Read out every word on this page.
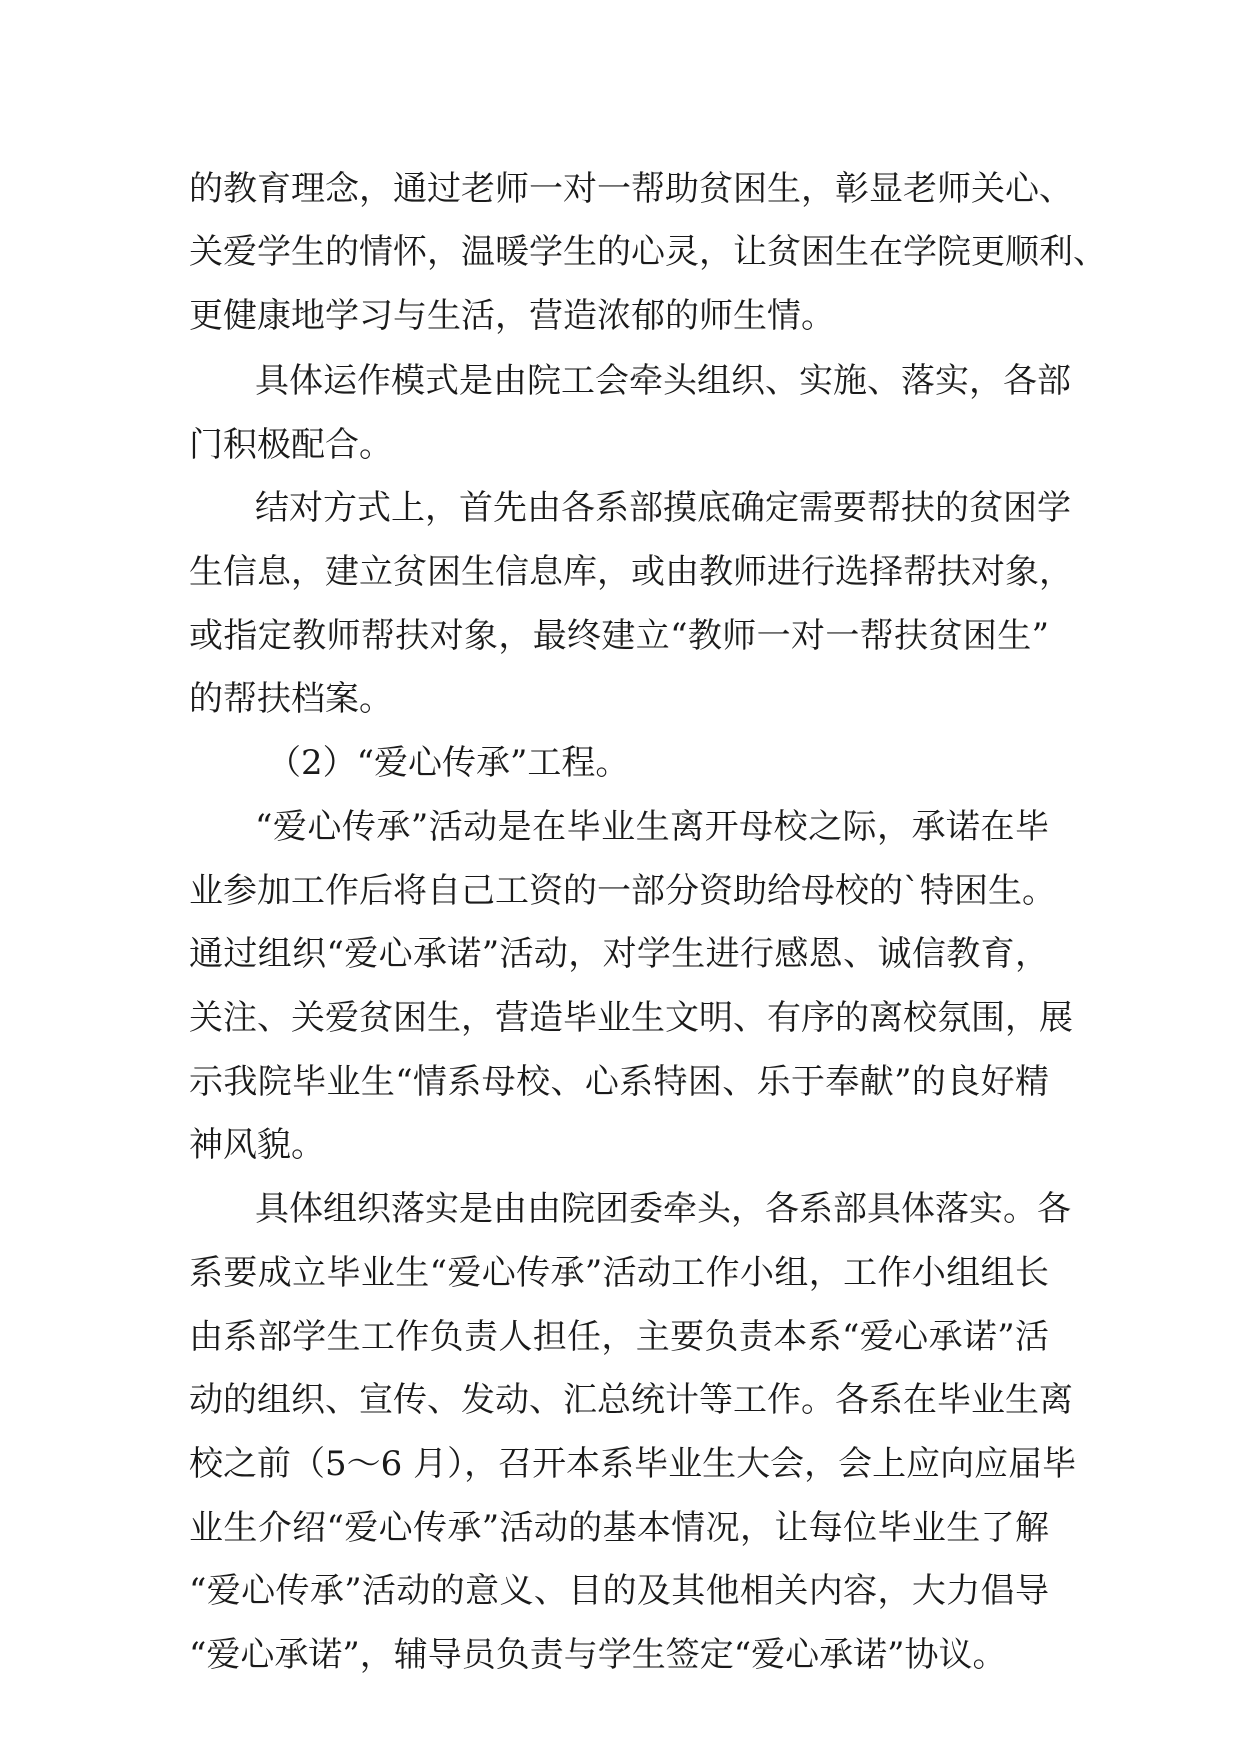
的教育理念，通过老师一对一帮助贫困生，彰显老师关心、
关爱学生的情怀，温暖学生的心灵，让贫困生在学院更顺利、
更健康地学习与生活，营造浓郁的师生情。
具体运作模式是由院工会牵头组织、实施、落实，各部
门积极配合。
结对方式上，首先由各系部摸底确定需要帮扶的贫困学
生信息，建立贫困生信息库，或由教师进行选择帮扶对象，
或指定教师帮扶对象，最终建立“教师一对一帮扶贫困生”
的帮扶档案。
（2）“爱心传承”工程。
“爱心传承”活动是在毕业生离开母校之际，承诺在毕
业参加工作后将自己工资的一部分资助给母校的`特困生。
通过组织“爱心承诺”活动，对学生进行感恩、诚信教育，
关注、关爱贫困生，营造毕业生文明、有序的离校氛围，展
示我院毕业生“情系母校、心系特困、乐于奉献”的良好精
神风貌。
具体组织落实是由由院团委牵头，各系部具体落实。各
系要成立毕业生“爱心传承”活动工作小组，工作小组组长
由系部学生工作负责人担任，主要负责本系“爱心承诺”活
动的组织、宣传、发动、汇总统计等工作。各系在毕业生离
校之前（5～6 月），召开本系毕业生大会，会上应向应届毕
业生介绍“爱心传承”活动的基本情况，让每位毕业生了解
“爱心传承”活动的意义、目的及其他相关内容，大力倡导
“爱心承诺”，辅导员负责与学生签定“爱心承诺”协议。
